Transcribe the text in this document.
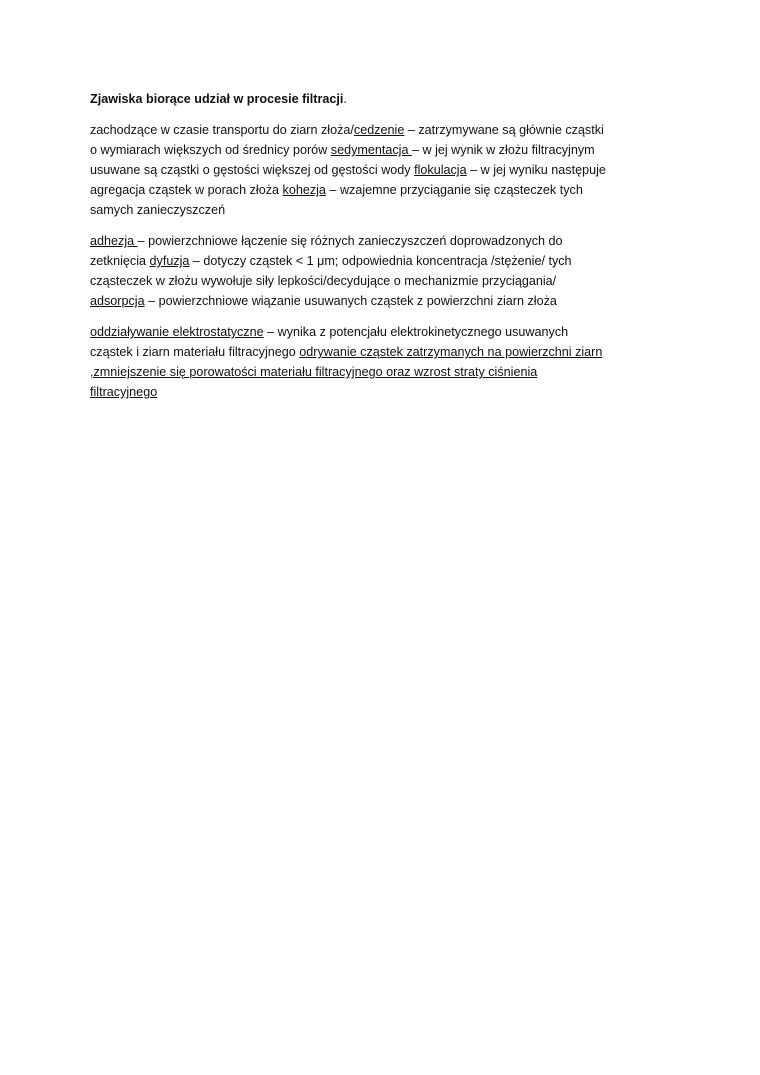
Zjawiska biorące udział w procesie filtracji.
zachodzące w czasie transportu do ziarn złoża/cedzenie – zatrzymywane są głównie cząstki
o wymiarach większych od średnicy porów sedymentacja – w jej wynik w złożu filtracyjnym
usuwane są cząstki o gęstości większej od gęstości wody flokulacja – w jej wyniku następuje
agregacja cząstek w porach złoża kohezja – wzajemne przyciąganie się cząsteczek tych
samych zanieczyszczeń
adhezja – powierzchniowe łączenie się różnych zanieczyszczeń doprowadzonych do
zetknięcia dyfuzja – dotyczy cząstek < 1 μm; odpowiednia koncentracja /stężenie/ tych
cząsteczek w złożu wywołuje siły lepkości/decydujące o mechanizmie przyciągania/
adsorpcja – powierzchniowe wiązanie usuwanych cząstek z powierzchni ziarn złoża
oddziaływanie elektrostatyczne – wynika z potencjału elektrokinetycznego usuwanych
cząstek i ziarn materiału filtracyjnego odrywanie cząstek zatrzymanych na powierzchni ziarn
,zmniejszenie się porowatości materiału filtracyjnego oraz wzrost straty ciśnienia
filtracyjnego
